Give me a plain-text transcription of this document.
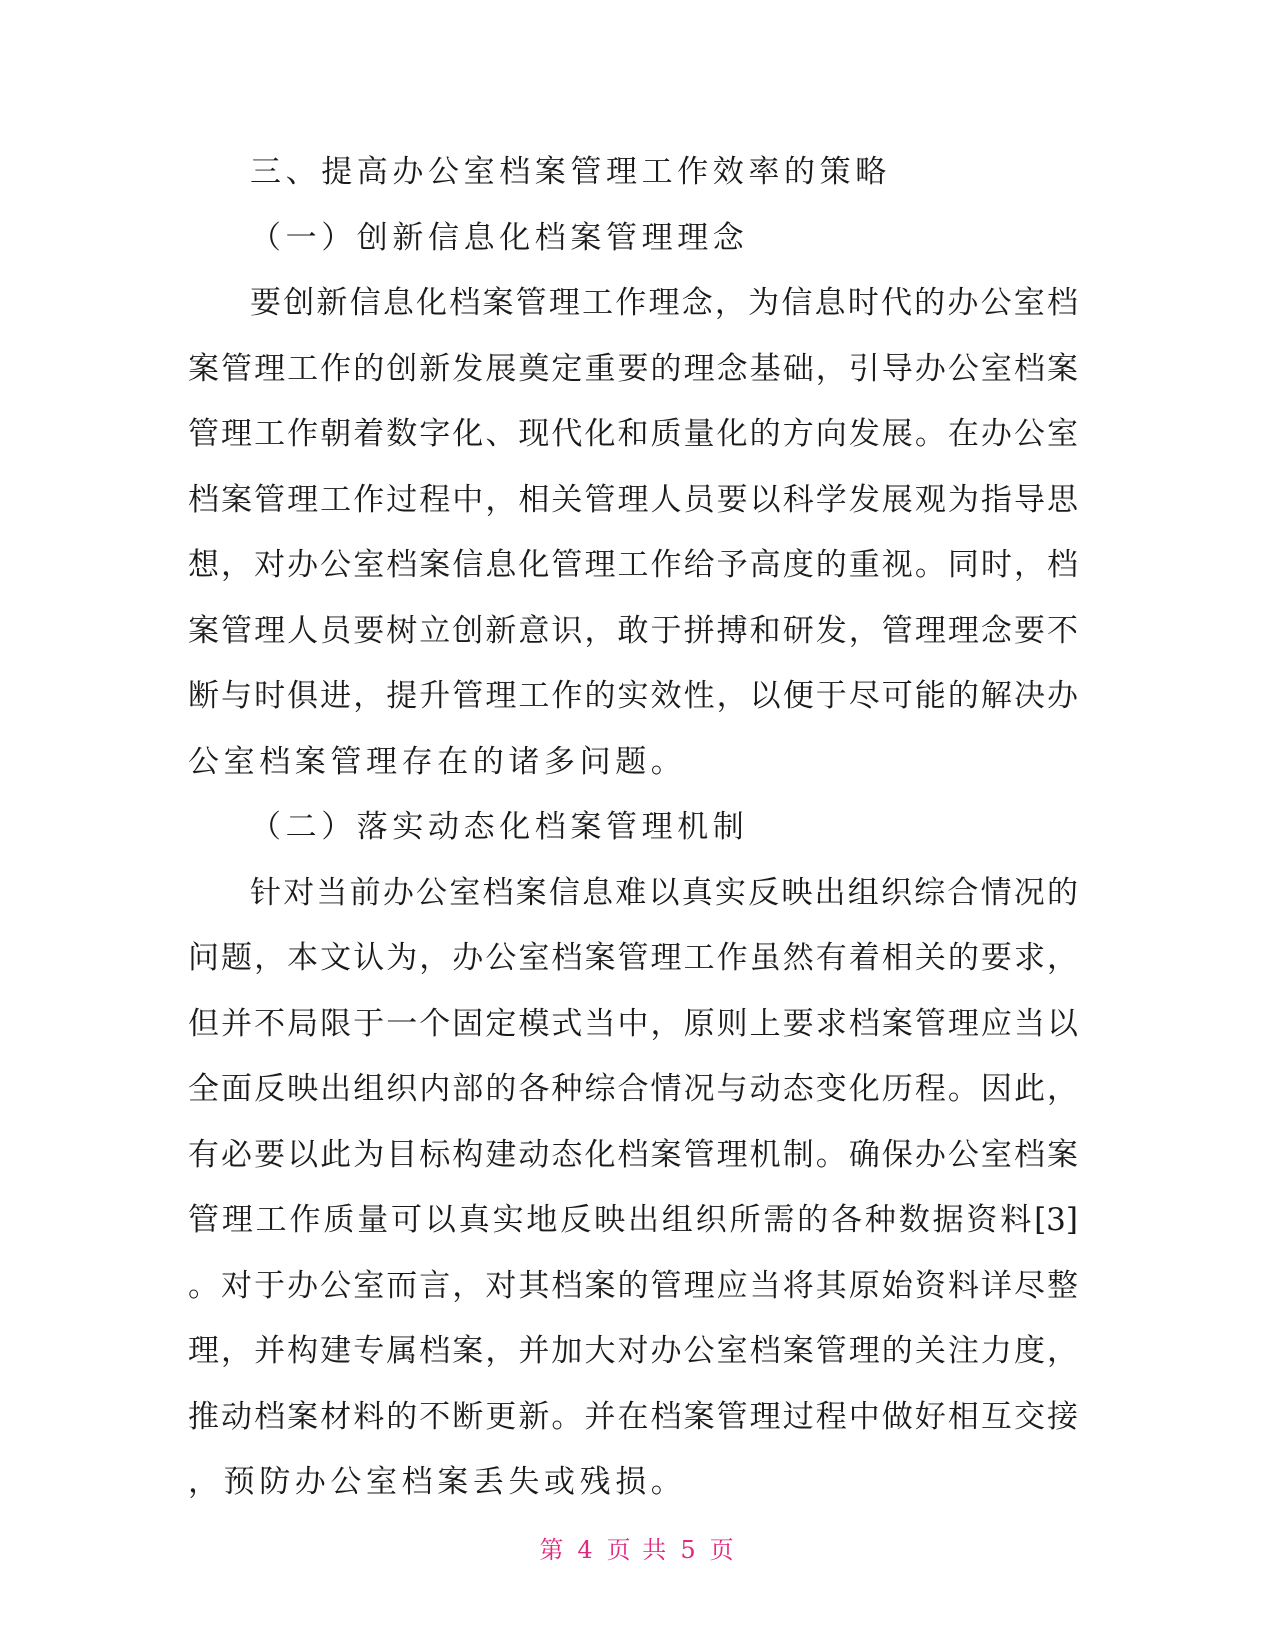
三、提高办公室档案管理工作效率的策略
（一）创新信息化档案管理理念
要创新信息化档案管理工作理念，为信息时代的办公室档
案管理工作的创新发展奠定重要的理念基础，引导办公室档案
管理工作朝着数字化、现代化和质量化的方向发展。在办公室
档案管理工作过程中，相关管理人员要以科学发展观为指导思
想，对办公室档案信息化管理工作给予高度的重视。同时，档
案管理人员要树立创新意识，敢于拼搏和研发，管理理念要不
断与时俱进，提升管理工作的实效性，以便于尽可能的解决办
公室档案管理存在的诸多问题。
（二）落实动态化档案管理机制
针对当前办公室档案信息难以真实反映出组织综合情况的
问题，本文认为，办公室档案管理工作虽然有着相关的要求，
但并不局限于一个固定模式当中，原则上要求档案管理应当以
全面反映出组织内部的各种综合情况与动态变化历程。因此，
有必要以此为目标构建动态化档案管理机制。确保办公室档案
管理工作质量可以真实地反映出组织所需的各种数据资料[3]
。对于办公室而言，对其档案的管理应当将其原始资料详尽整
理，并构建专属档案，并加大对办公室档案管理的关注力度，
推动档案材料的不断更新。并在档案管理过程中做好相互交接
，预防办公室档案丢失或残损。
第 4 页 共 5 页
